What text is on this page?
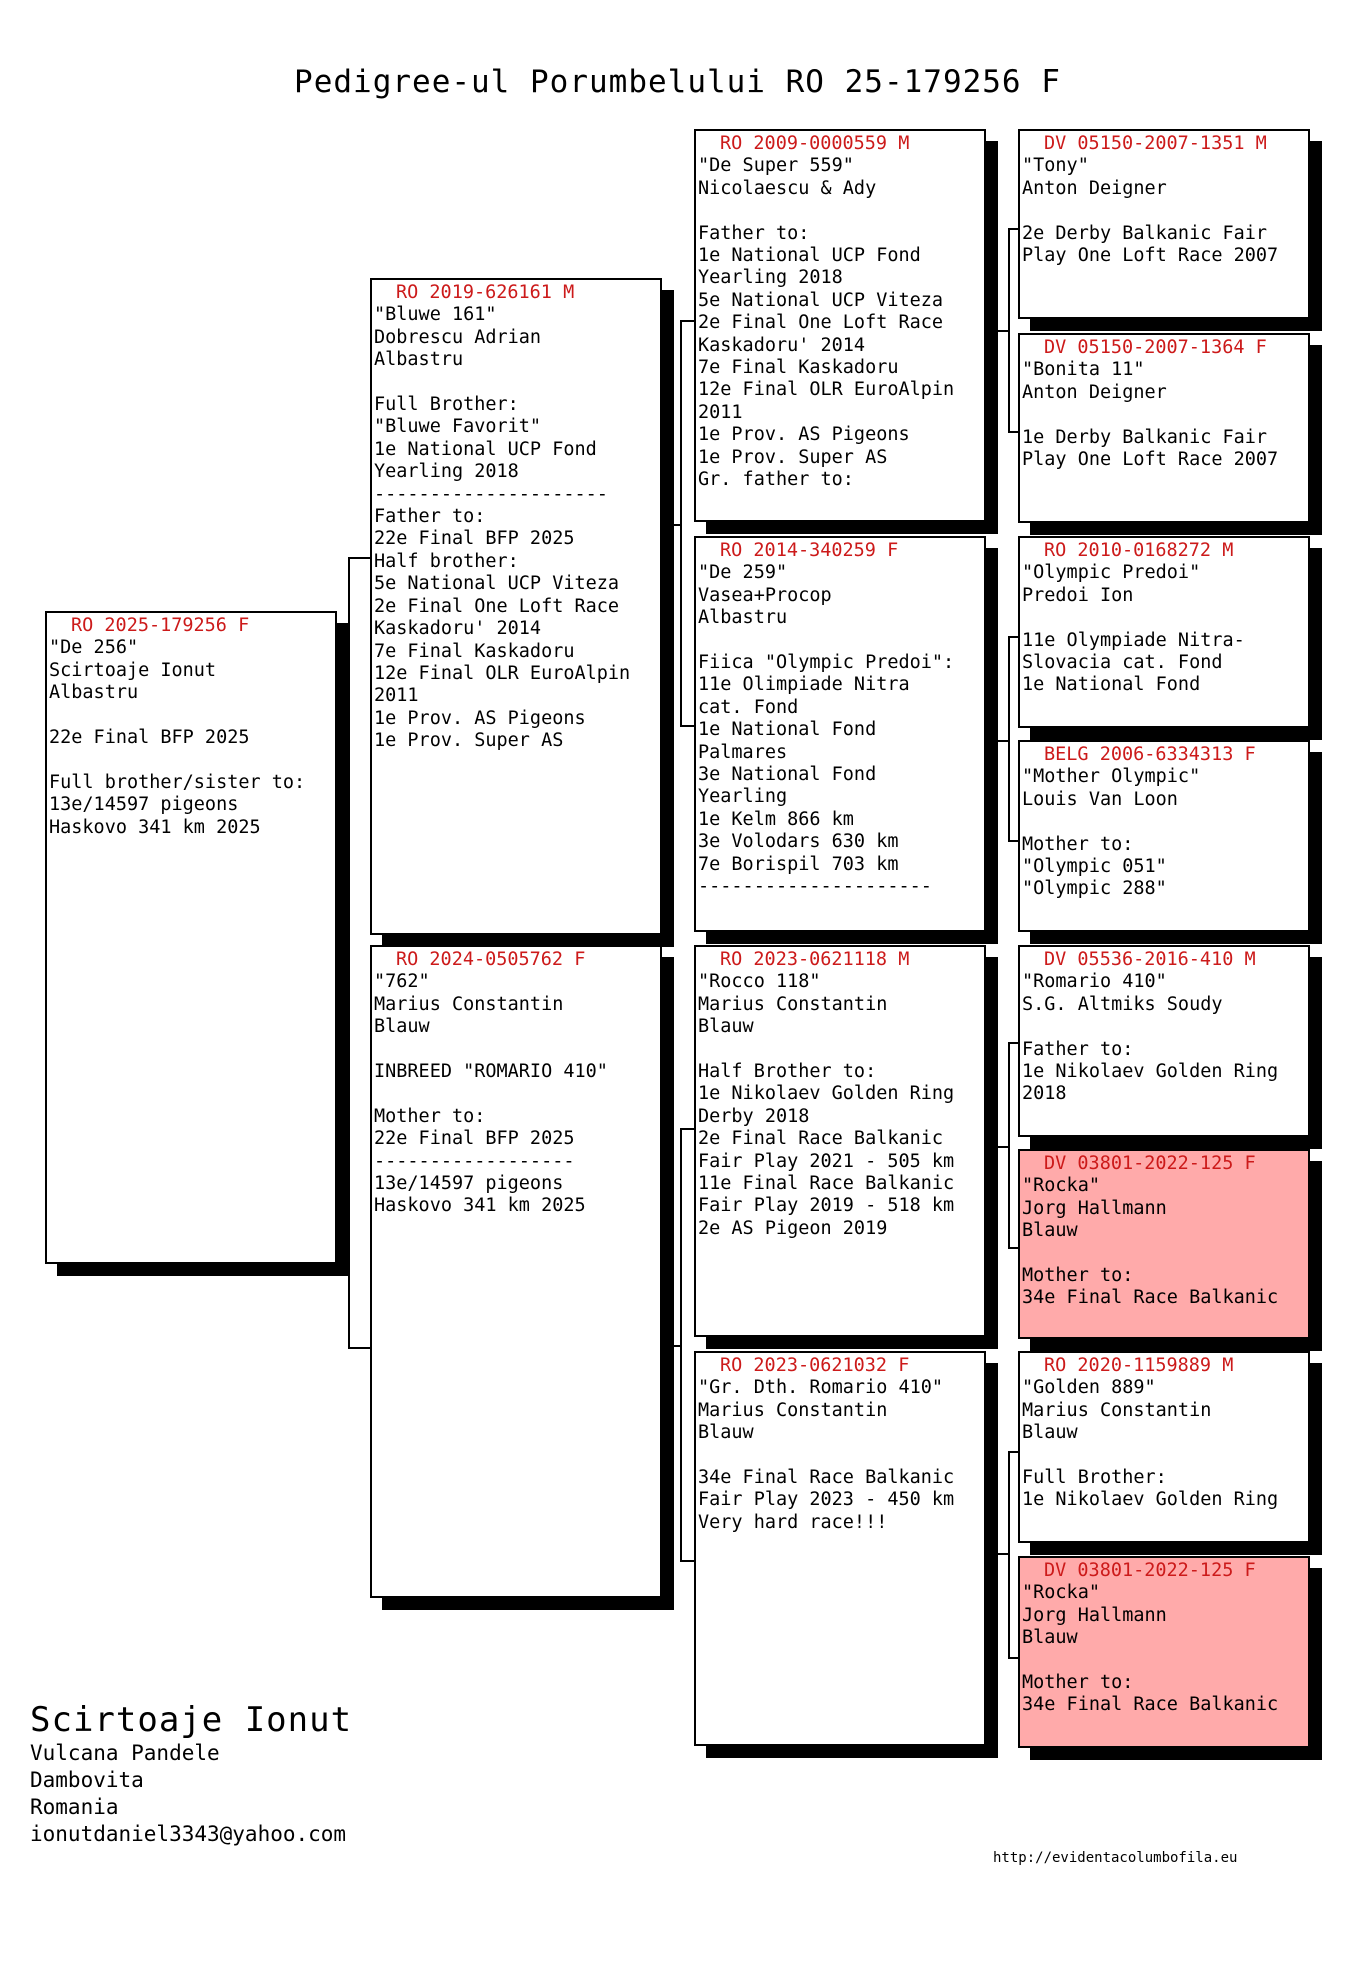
Pedigree-ul Porumbelului RO 25-179256 F
RO 2025-179256 F
"De 256"
Scirtoaje Ionut
Albastru

22e Final BFP 2025

Full brother/sister to:
13e/14597 pigeons
Haskovo 341 km 2025
RO 2019-626161 M
"Bluwe 161"
Dobrescu Adrian
Albastru

Full Brother:
"Bluwe Favorit"
1e National UCP Fond
Yearling 2018
---------------------
Father to:
22e Final BFP 2025
Half brother:
5e National UCP Viteza
2e Final One Loft Race
Kaskadoru' 2014
7e Final Kaskadoru
12e Final OLR EuroAlpin
2011
1e Prov. AS Pigeons
1e Prov. Super AS
RO 2024-0505762 F
"762"
Marius Constantin
Blauw

INBREED "ROMARIO 410"

Mother to:
22e Final BFP 2025
------------------
13e/14597 pigeons
Haskovo 341 km 2025
RO 2009-0000559 M
"De Super 559"
Nicolaescu & Ady

Father to:
1e National UCP Fond
Yearling 2018
5e National UCP Viteza
2e Final One Loft Race
Kaskadoru' 2014
7e Final Kaskadoru
12e Final OLR EuroAlpin
2011
1e Prov. AS Pigeons
1e Prov. Super AS
Gr. father to:
RO 2014-340259 F
"De 259"
Vasea+Procop
Albastru

Fiica "Olympic Predoi":
11e Olimpiade Nitra
cat. Fond
1e National Fond
Palmares
3e National Fond
Yearling
1e Kelm 866 km
3e Volodars 630 km
7e Borispil 703 km
---------------------
RO 2023-0621118 M
"Rocco 118"
Marius Constantin
Blauw

Half Brother to:
1e Nikolaev Golden Ring
Derby 2018
2e Final Race Balkanic
Fair Play 2021 - 505 km
11e Final Race Balkanic
Fair Play 2019 - 518 km
2e AS Pigeon 2019
RO 2023-0621032 F
"Gr. Dth. Romario 410"
Marius Constantin
Blauw

34e Final Race Balkanic
Fair Play 2023 - 450 km
Very hard race!!!
DV 05150-2007-1351 M
"Tony"
Anton Deigner

2e Derby Balkanic Fair
Play One Loft Race 2007
DV 05150-2007-1364 F
"Bonita 11"
Anton Deigner

1e Derby Balkanic Fair
Play One Loft Race 2007
RO 2010-0168272 M
"Olympic Predoi"
Predoi Ion

11e Olympiade Nitra-
Slovacia cat. Fond
1e National Fond
BELG 2006-6334313 F
"Mother Olympic"
Louis Van Loon

Mother to:
"Olympic 051"
"Olympic 288"
DV 05536-2016-410 M
"Romario 410"
S.G. Altmiks Soudy

Father to:
1e Nikolaev Golden Ring
2018
DV 03801-2022-125 F
"Rocka"
Jorg Hallmann
Blauw

Mother to:
34e Final Race Balkanic
RO 2020-1159889 M
"Golden 889"
Marius Constantin
Blauw

Full Brother:
1e Nikolaev Golden Ring
DV 03801-2022-125 F
"Rocka"
Jorg Hallmann
Blauw

Mother to:
34e Final Race Balkanic
Scirtoaje Ionut
Vulcana Pandele
Dambovita
Romania
ionutdaniel3343@yahoo.com
http://evidentacolumbofila.eu
